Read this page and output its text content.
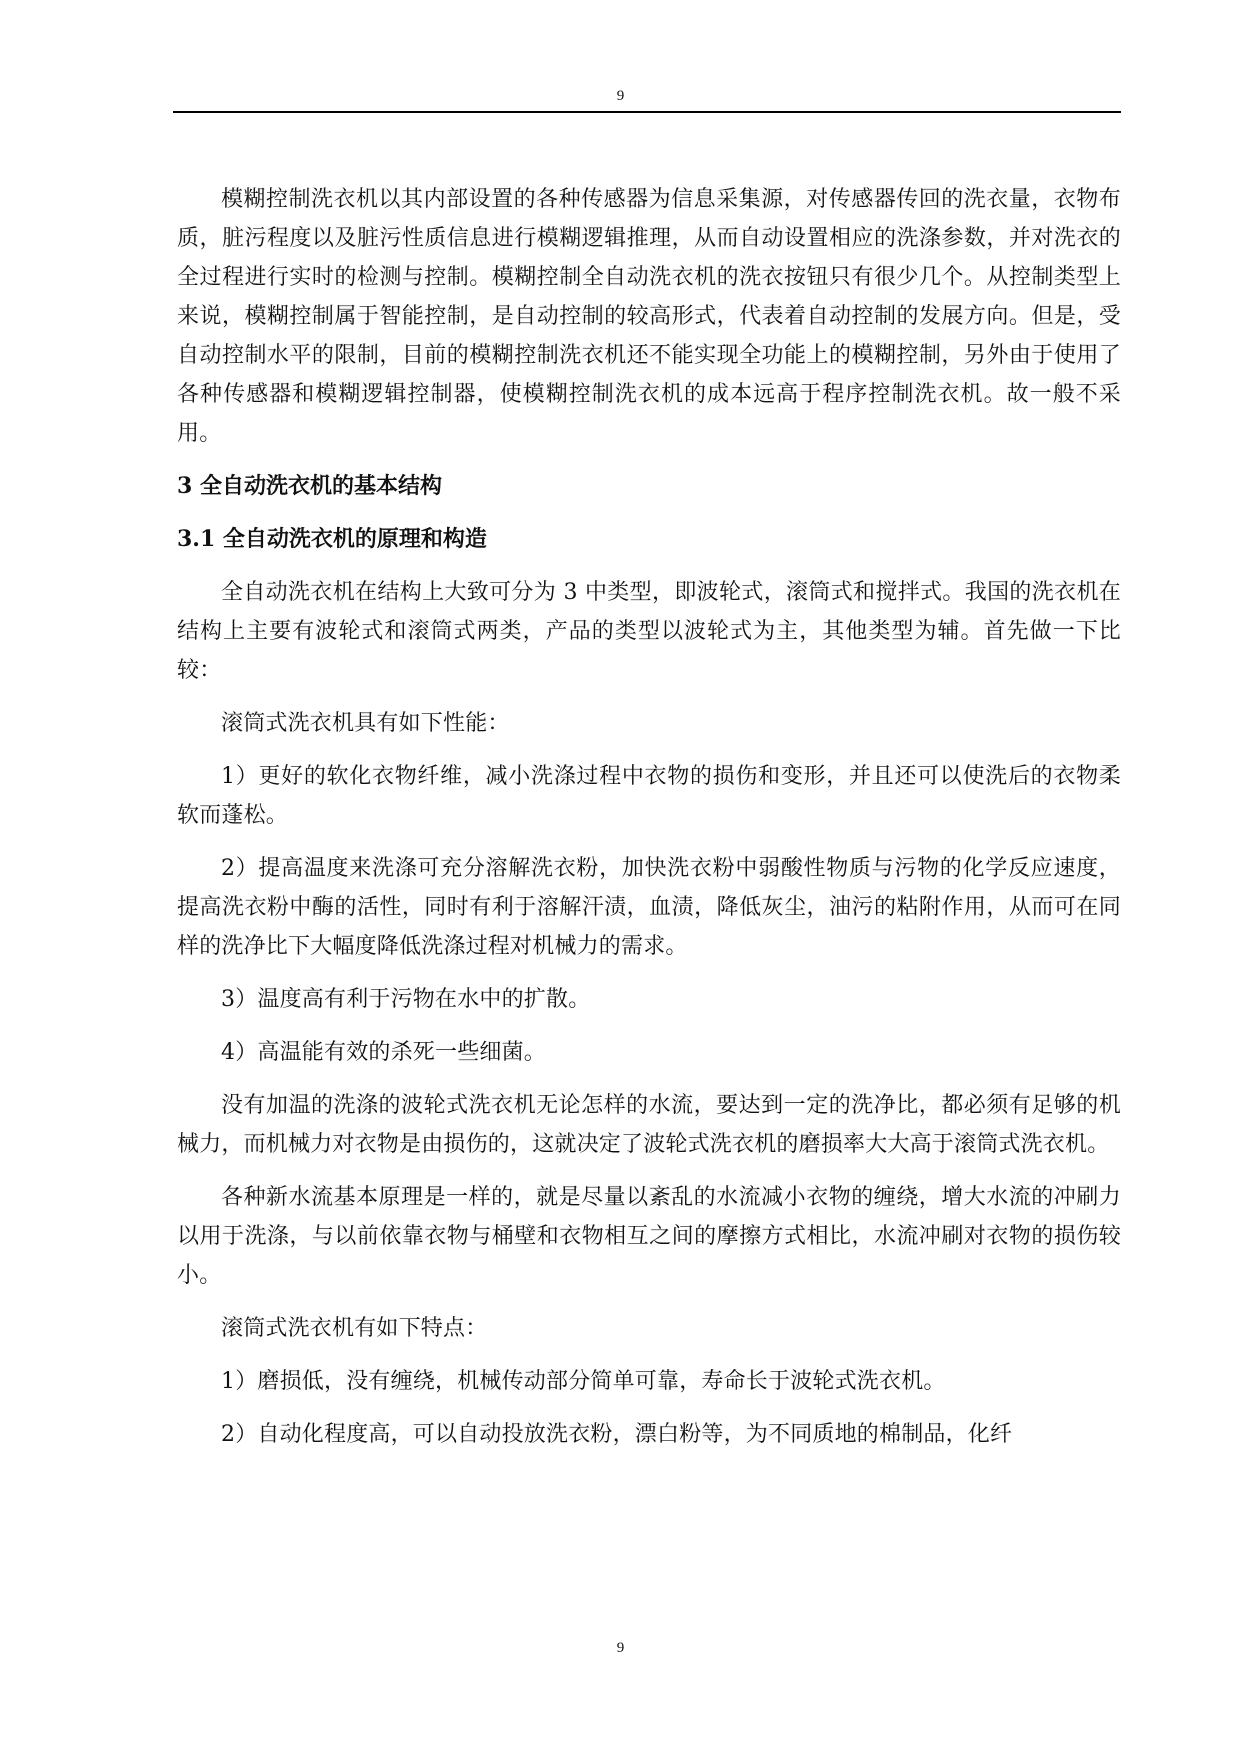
9

模糊控制洗衣机以其内部设置的各种传感器为信息采集源，对传感器传回的洗衣量，衣物布质，脏污程度以及脏污性质信息进行模糊逻辑推理，从而自动设置相应的洗涤参数，并对洗衣的全过程进行实时的检测与控制。模糊控制全自动洗衣机的洗衣按钮只有很少几个。从控制类型上来说，模糊控制属于智能控制，是自动控制的较高形式，代表着自动控制的发展方向。但是，受自动控制水平的限制，目前的模糊控制洗衣机还不能实现全功能上的模糊控制，另外由于使用了各种传感器和模糊逻辑控制器，使模糊控制洗衣机的成本远高于程序控制洗衣机。故一般不采用。

3 全自动洗衣机的基本结构

3.1 全自动洗衣机的原理和构造

全自动洗衣机在结构上大致可分为 3 中类型，即波轮式，滚筒式和搅拌式。我国的洗衣机在结构上主要有波轮式和滚筒式两类，产品的类型以波轮式为主，其他类型为辅。首先做一下比较：

滚筒式洗衣机具有如下性能：

1）更好的软化衣物纤维，减小洗涤过程中衣物的损伤和变形，并且还可以使洗后的衣物柔软而蓬松。

2）提高温度来洗涤可充分溶解洗衣粉，加快洗衣粉中弱酸性物质与污物的化学反应速度，提高洗衣粉中酶的活性，同时有利于溶解汗渍，血渍，降低灰尘，油污的粘附作用，从而可在同样的洗净比下大幅度降低洗涤过程对机械力的需求。

3）温度高有利于污物在水中的扩散。

4）高温能有效的杀死一些细菌。

没有加温的洗涤的波轮式洗衣机无论怎样的水流，要达到一定的洗净比，都必须有足够的机械力，而机械力对衣物是由损伤的，这就决定了波轮式洗衣机的磨损率大大高于滚筒式洗衣机。

各种新水流基本原理是一样的，就是尽量以紊乱的水流减小衣物的缠绕，增大水流的冲刷力以用于洗涤，与以前依靠衣物与桶壁和衣物相互之间的摩擦方式相比，水流冲刷对衣物的损伤较小。

滚筒式洗衣机有如下特点：

1）磨损低，没有缠绕，机械传动部分简单可靠，寿命长于波轮式洗衣机。

2）自动化程度高，可以自动投放洗衣粉，漂白粉等，为不同质地的棉制品，化纤

9
